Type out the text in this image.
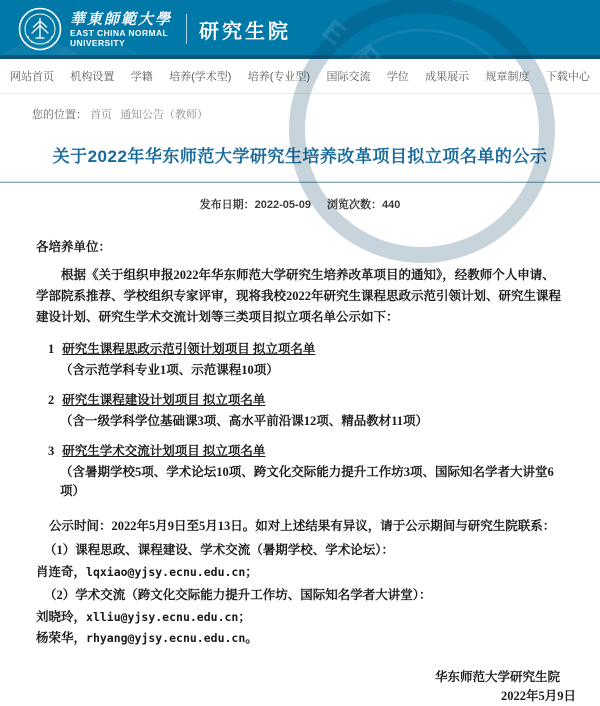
E
R
華東師範大學
EAST CHINA NORMAL
UNIVERSITY	研究生院
网站首页 机构设置 学籍 培养(学术型) 培养(专业型) 国际交流 学位 成果展示 规章制度 下载中心
您的位置： 首页 通知公告（教师）
关于2022年华东师范大学研究生培养改革项目拟立项名单的公示
发布日期：2022-05-09 浏览次数：440
各培养单位：
根据《关于组织申报2022年华东师范大学研究生培养改革项目的通知》，经教师个人申请、学部院系推荐、学校组织专家评审，现将我校2022年研究生课程思政示范引领计划、研究生课程建设计划、研究生学术交流计划等三类项目拟立项名单公示如下：
1 研究生课程思政示范引领计划项目 拟立项名单
（含示范学科专业1项、示范课程10项）
2 研究生课程建设计划项目 拟立项名单
（含一级学科学位基础课3项、高水平前沿课12项、精品教材11项）
3 研究生学术交流计划项目 拟立项名单
（含暑期学校5项、学术论坛10项、跨文化交际能力提升工作坊3项、国际知名学者大讲堂6项）
公示时间：2022年5月9日至5月13日。如对上述结果有异议，请于公示期间与研究生院联系：
（1）课程思政、课程建设、学术交流（暑期学校、学术论坛）：
肖连奇，lqxiao@yjsy.ecnu.edu.cn；
（2）学术交流（跨文化交际能力提升工作坊、国际知名学者大讲堂）：
刘晓玲，xlliu@yjsy.ecnu.edu.cn；
杨荣华，rhyang@yjsy.ecnu.edu.cn。
华东师范大学研究生院
2022年5月9日
